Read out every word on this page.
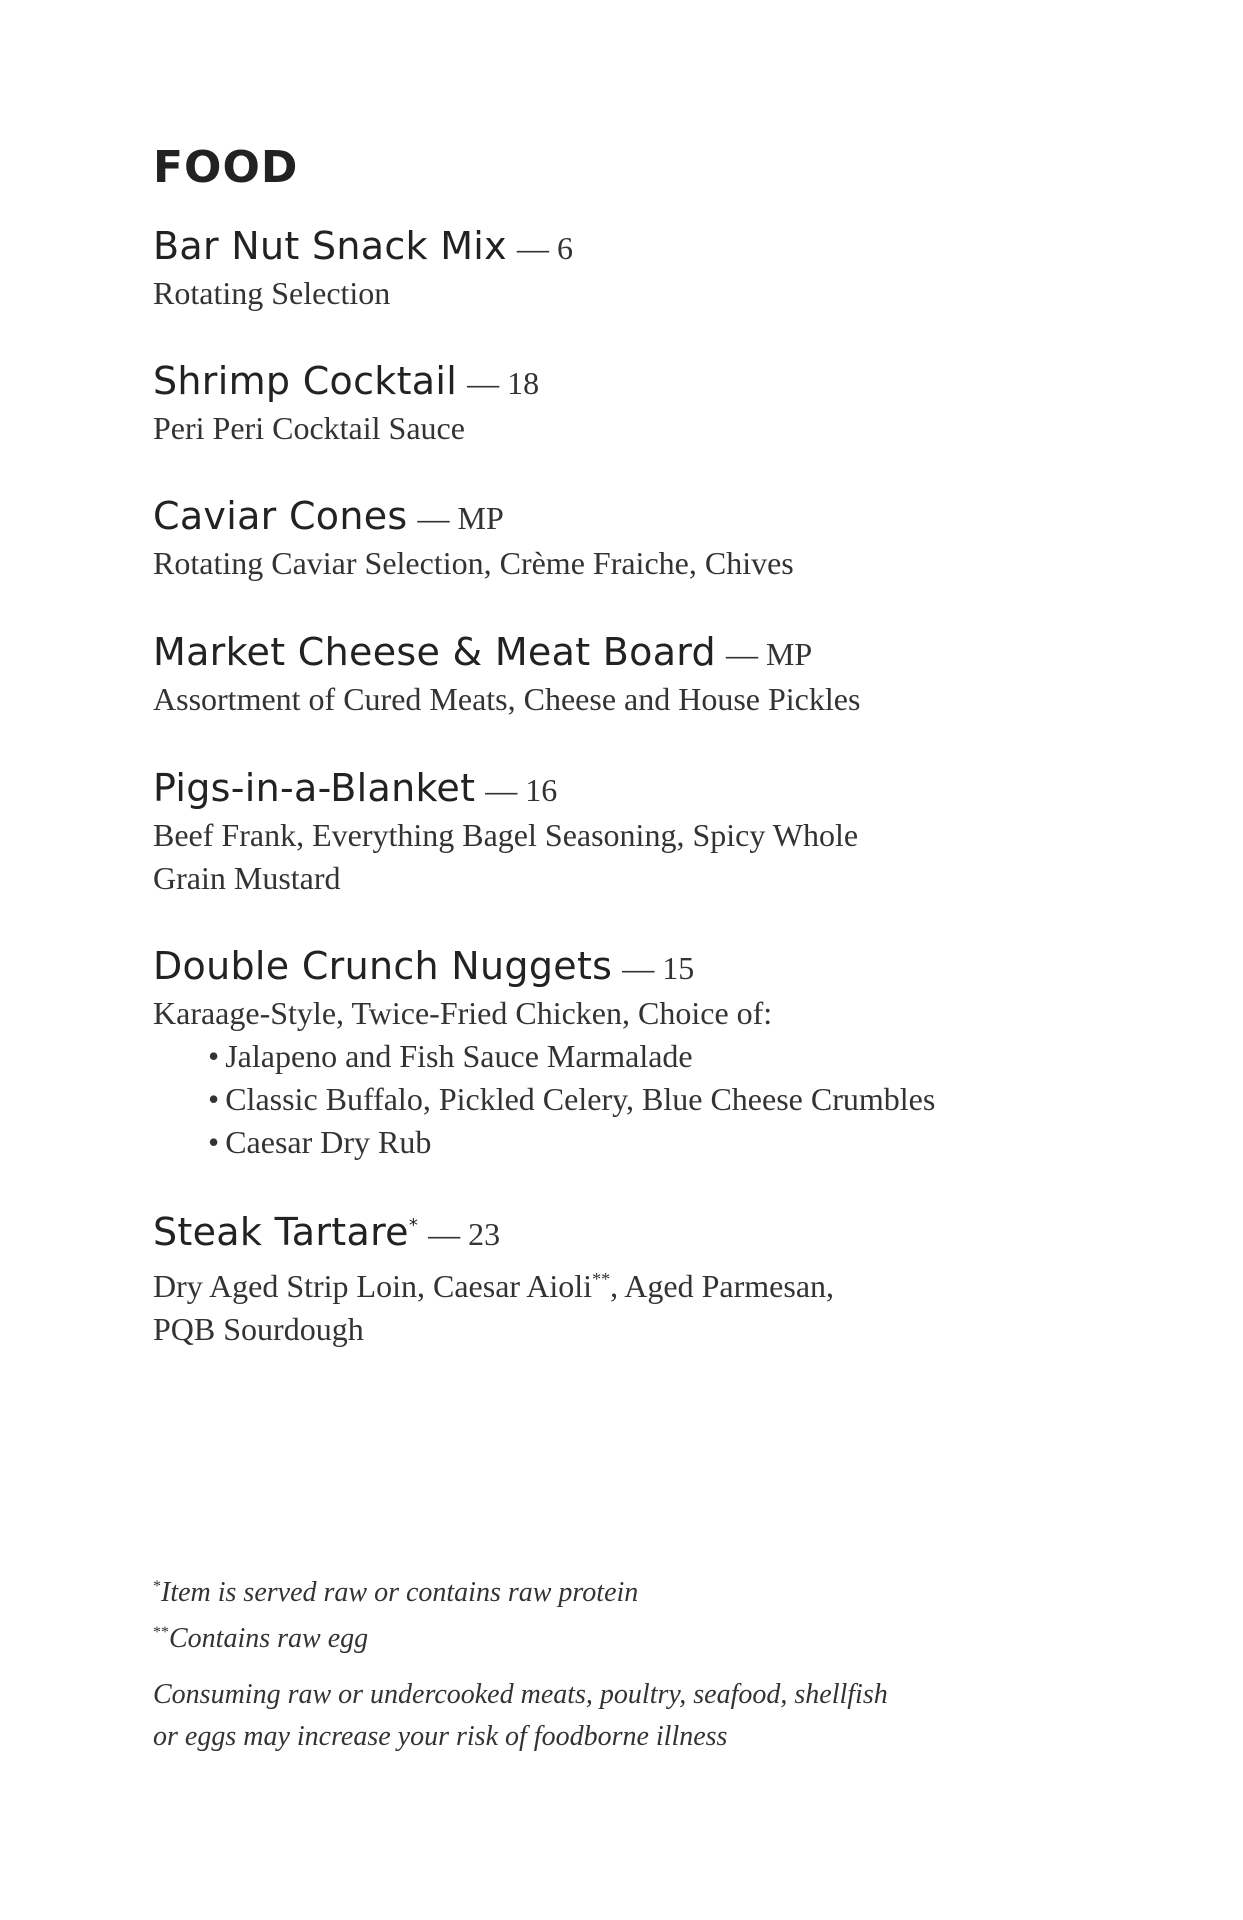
FOOD
Bar Nut Snack Mix — 6
Rotating Selection
Shrimp Cocktail — 18
Peri Peri Cocktail Sauce
Caviar Cones — MP
Rotating Caviar Selection, Crème Fraiche, Chives
Market Cheese & Meat Board — MP
Assortment of Cured Meats, Cheese and House Pickles
Pigs-in-a-Blanket — 16
Beef Frank, Everything Bagel Seasoning, Spicy Whole
Grain Mustard
Double Crunch Nuggets — 15
Karaage-Style, Twice-Fried Chicken, Choice of:
• Jalapeno and Fish Sauce Marmalade
• Classic Buffalo, Pickled Celery, Blue Cheese Crumbles
• Caesar Dry Rub
Steak Tartare* — 23
Dry Aged Strip Loin, Caesar Aioli**, Aged Parmesan,
PQB Sourdough
*Item is served raw or contains raw protein
**Contains raw egg
Consuming raw or undercooked meats, poultry, seafood, shellfish
or eggs may increase your risk of foodborne illness
